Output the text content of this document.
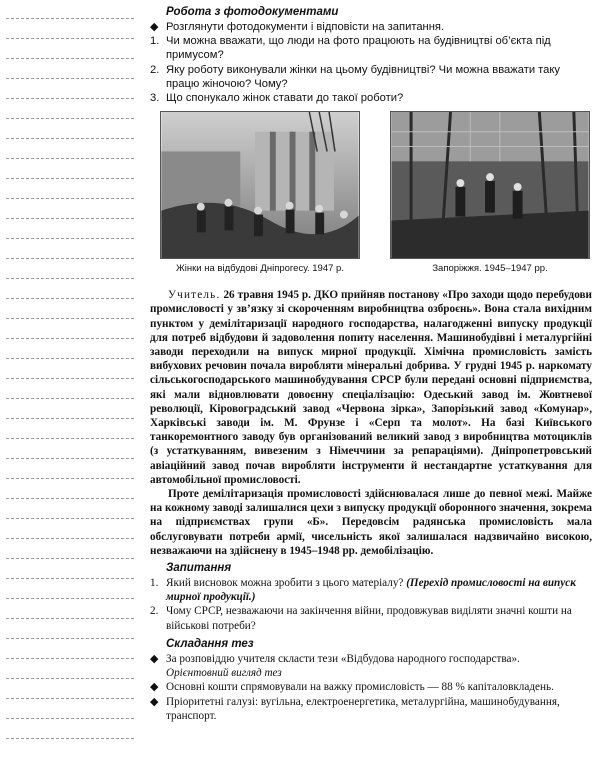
Робота з фотодокументами
◆ Розглянути фотодокументи і відповісти на запитання.
1. Чи можна вважати, що люди на фото працюють на будівництві об’єкта під примусом?
2. Яку роботу виконували жінки на цьому будівництві? Чи можна вважати таку працю жіночою? Чому?
3. Що спонукало жінок ставати до такої роботи?
Жінки на відбудові Дніпрогесу. 1947 р.	Запоріжжя. 1945–1947 рр.

Учитель. 26 травня 1945 р. ДКО прийняв постанову «Про заходи щодо перебудови промисловості у зв’язку зі скороченням виробництва озброєнь». Вона стала вихідним пунктом у демілітаризації народного господарства, налагодженні випуску продукції для потреб відбудови й задоволення попиту населення. Машинобудівні і металургійні заводи переходили на випуск мирної продукції. Хімічна промисловість замість вибухових речовин почала виробляти мінеральні добрива. У грудні 1945 р. наркомату сільськогосподарського машинобудування СРСР були передані основні підприємства, які мали відновлювати довоєнну спеціалізацію: Одеський завод ім. Жовтневої революції, Кіровоградський завод «Червона зірка», Запорізький завод «Комунар», Харківські заводи ім. М. Фрунзе і «Серп та молот». На базі Київського танкоремонтного заводу був організований великий завод з виробництва мотоциклів (з устаткуванням, вивезеним з Німеччини за репараціями). Дніпропетровський авіаційний завод почав виробляти інструменти й нестандартне устаткування для автомобільної промисловості.

Проте демілітаризація промисловості здійснювалася лише до певної межі. Майже на кожному заводі залишалися цехи з випуску продукції оборонного значення, зокрема на підприємствах групи «Б». Передовсім радянська промисловість мала обслуговувати потреби армії, чисельність якої залишалася надзвичайно високою, незважаючи на здійснену в 1945–1948 рр. демобілізацію.

Запитання
1. Який висновок можна зробити з цього матеріалу? (Перехід промисловості на випуск мирної продукції.)
2. Чому СРСР, незважаючи на закінчення війни, продовжував виділяти значні кошти на військові потреби?
Складання тез
◆ За розповіддю учителя скласти тези «Відбудова народного господарства».
Орієнтовний вигляд тез
◆ Основні кошти спрямовували на важку промисловість — 88 % капіталовкладень.
◆ Пріоритетні галузі: вугільна, електроенергетика, металургійна, машинобудування, транспорт.
